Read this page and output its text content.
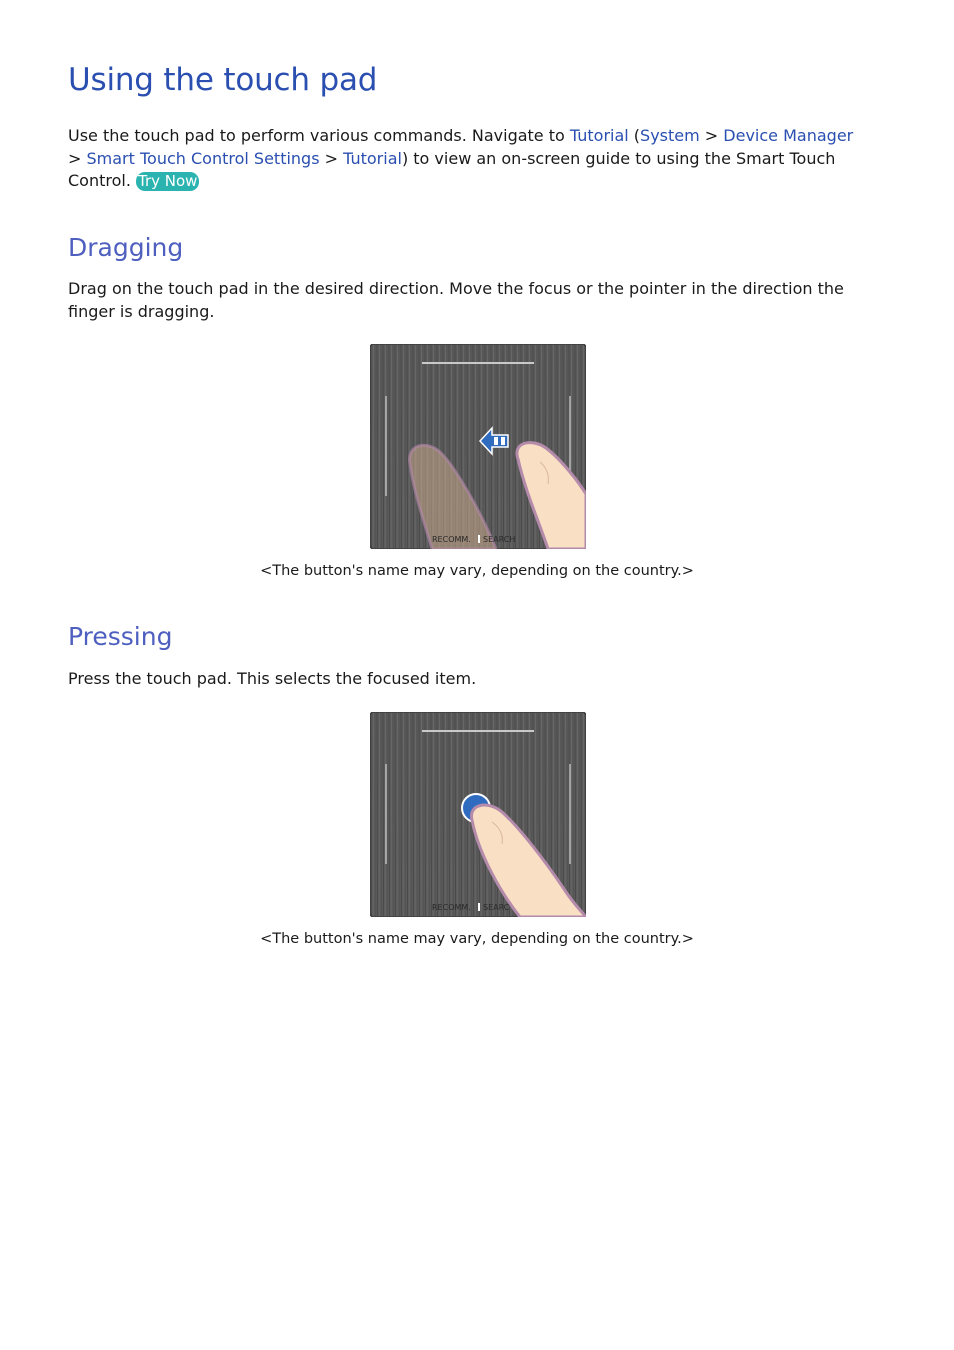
Using the touch pad

Use the touch pad to perform various commands. Navigate to Tutorial (System > Device Manager
> Smart Touch Control Settings > Tutorial) to view an on-screen guide to using the Smart Touch Control. Try Now

Dragging

Drag on the touch pad in the desired direction. Move the focus or the pointer in the direction the finger is dragging.

RECOMM. SEARCH
<The button's name may vary, depending on the country.>
Pressing

Press the touch pad. This selects the focused item.

RECOMM. SEARC
<The button's name may vary, depending on the country.>
